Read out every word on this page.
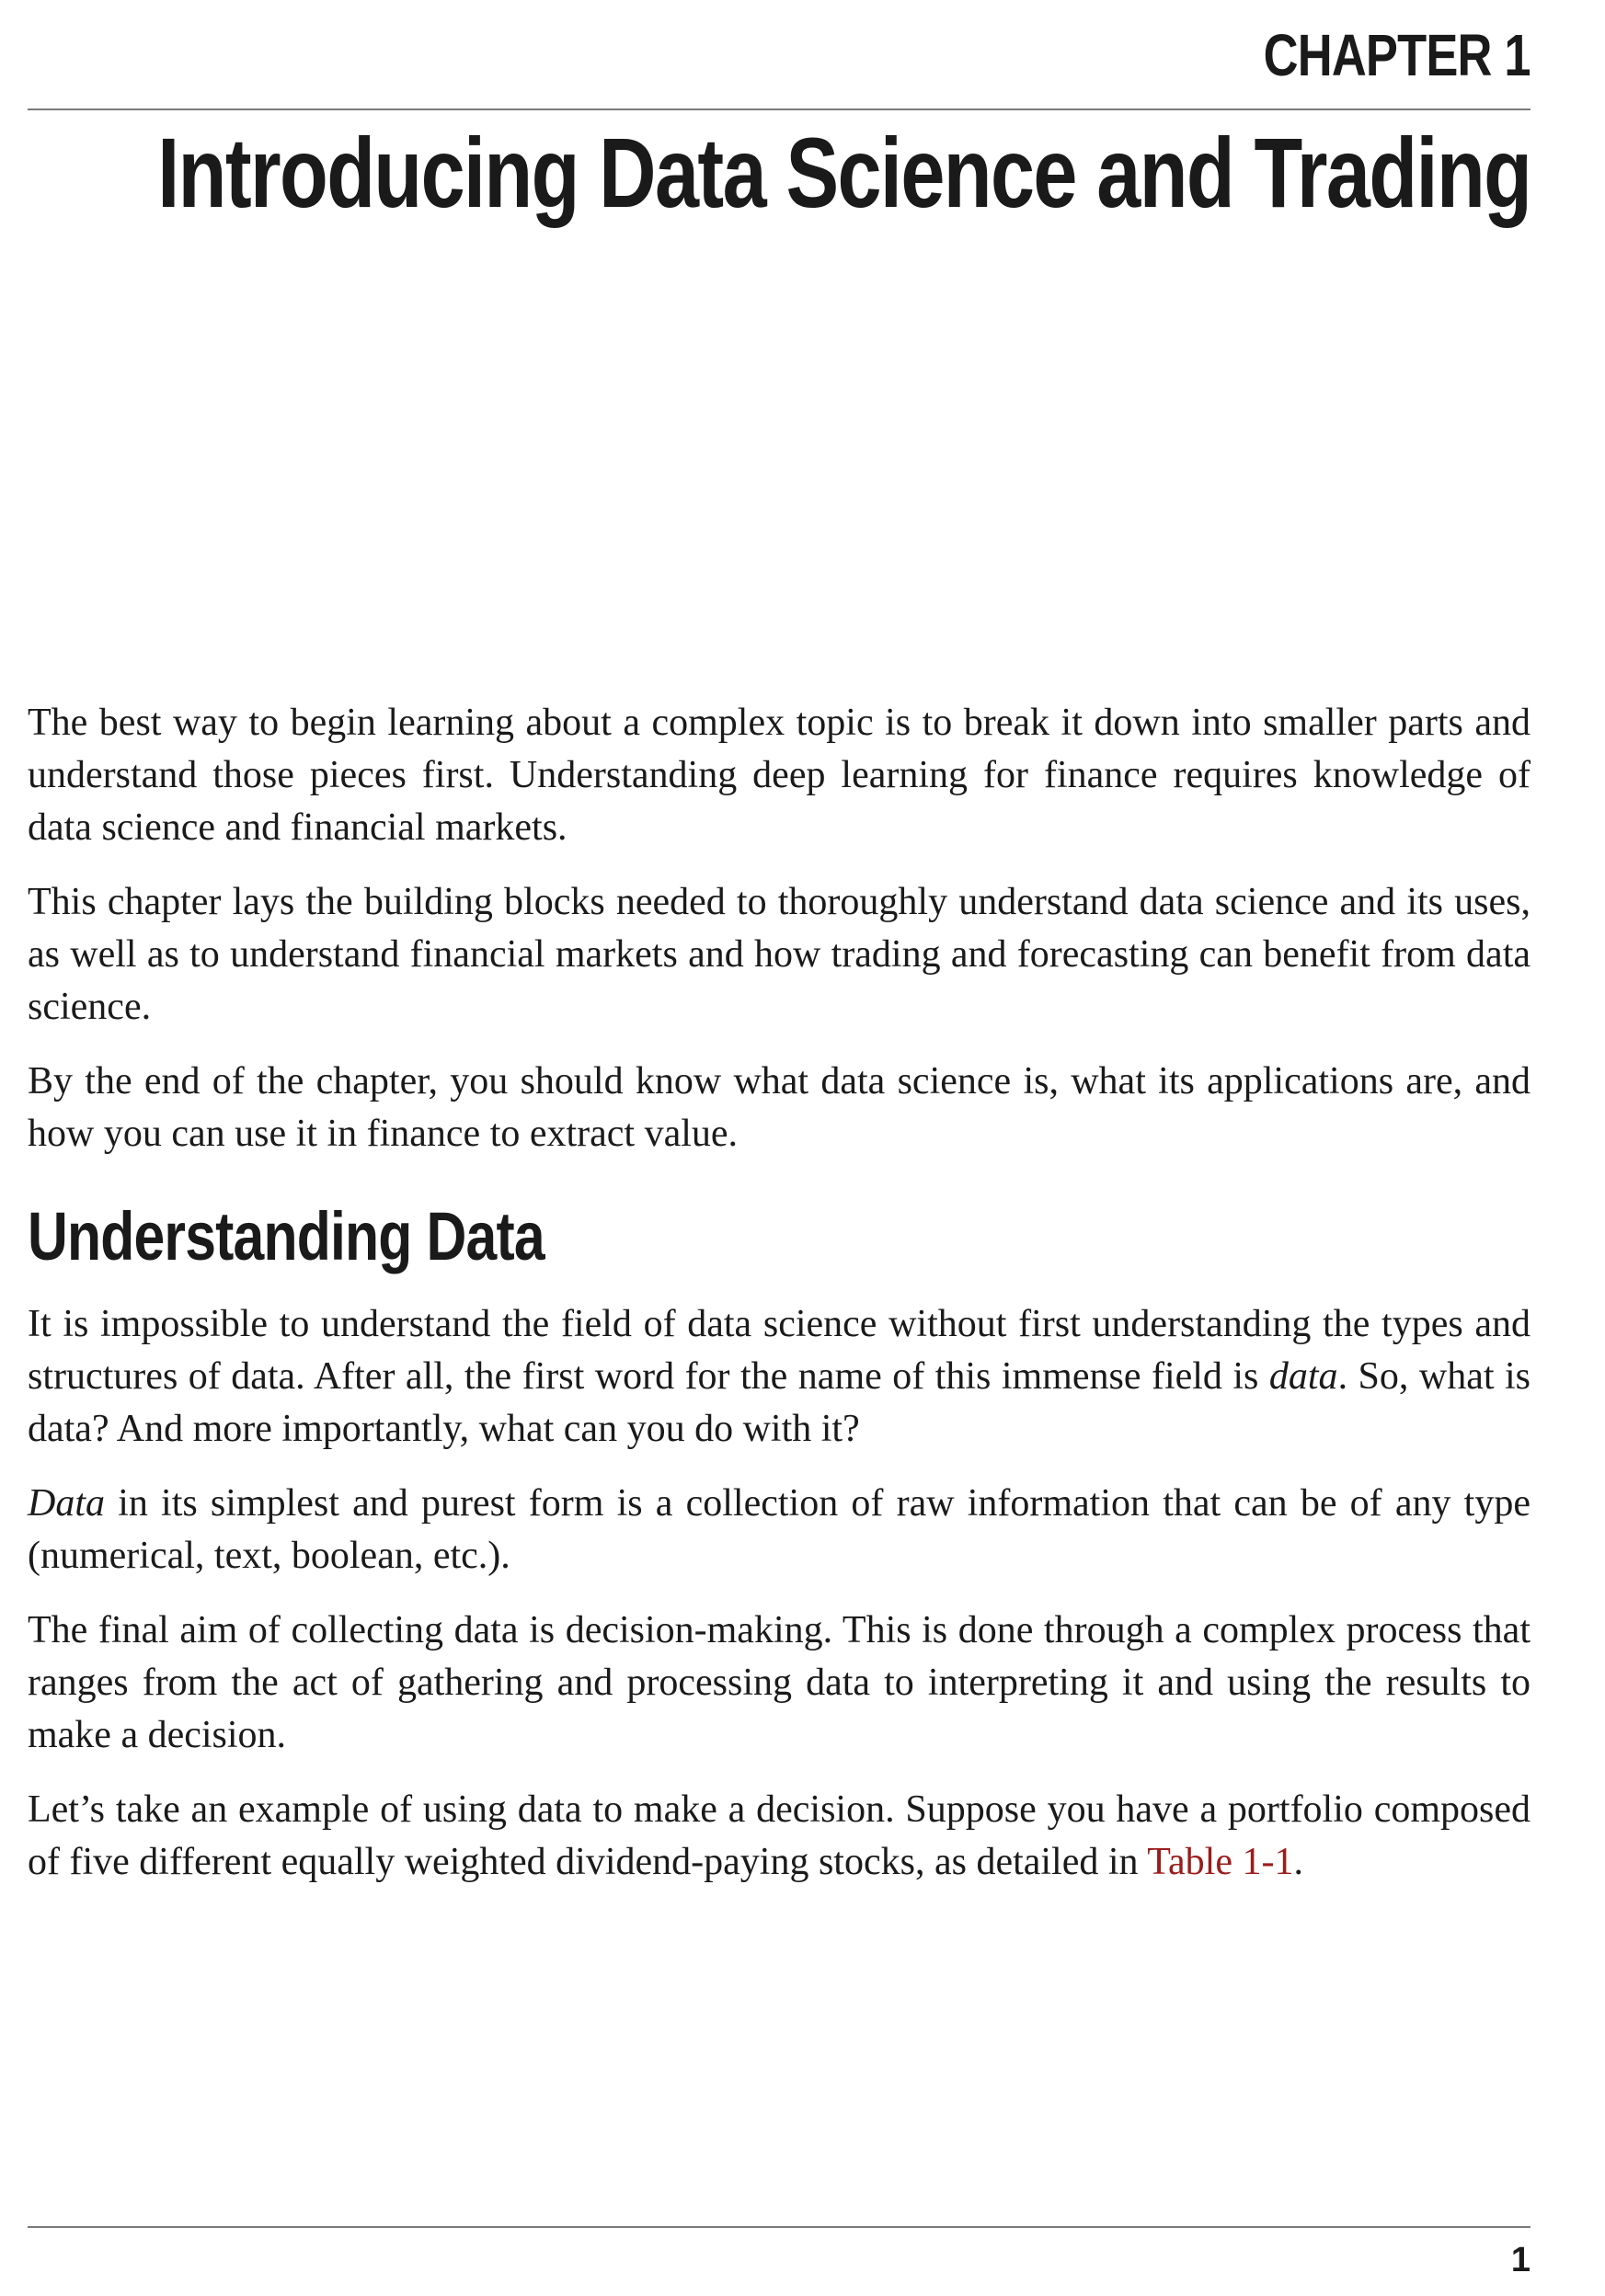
CHAPTER 1
Introducing Data Science and Trading

The best way to begin learning about a complex topic is to break it down into smaller parts and understand those pieces first. Understanding deep learning for finance requires knowledge of data science and financial markets.

This chapter lays the building blocks needed to thoroughly understand data science and its uses, as well as to understand financial markets and how trading and forecasting can benefit from data science.

By the end of the chapter, you should know what data science is, what its applications are, and how you can use it in finance to extract value.

Understanding Data

It is impossible to understand the field of data science without first understanding the types and structures of data. After all, the first word for the name of this immense field is data. So, what is data? And more importantly, what can you do with it?

Data in its simplest and purest form is a collection of raw information that can be of any type (numerical, text, boolean, etc.).

The final aim of collecting data is decision-making. This is done through a complex process that ranges from the act of gathering and processing data to interpreting it and using the results to make a decision.

Let’s take an example of using data to make a decision. Suppose you have a portfolio composed of five different equally weighted dividend-paying stocks, as detailed in Table 1-1.

1
